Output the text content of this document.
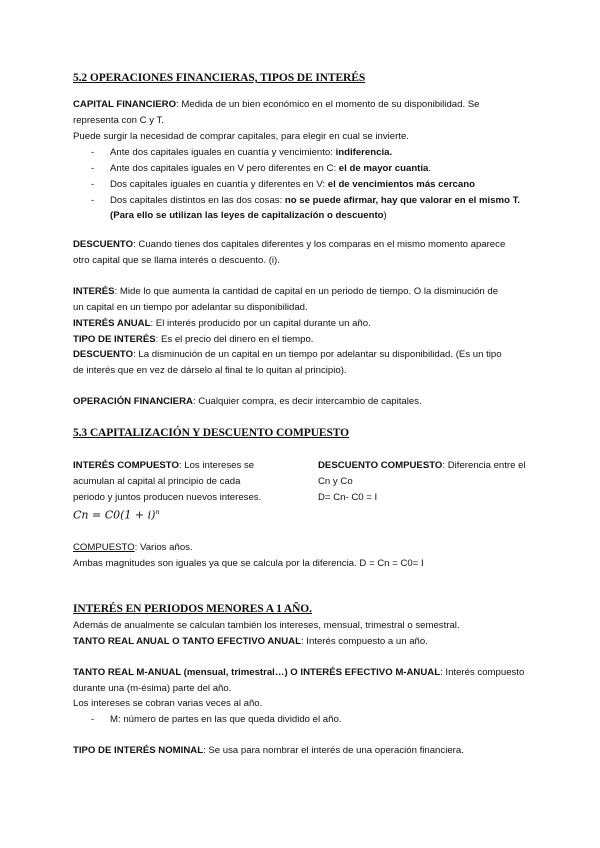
5.2 OPERACIONES FINANCIERAS, TIPOS DE INTERÉS
CAPITAL FINANCIERO: Medida de un bien económico en el momento de su disponibilidad. Se
representa con C y T.
Puede surgir la necesidad de comprar capitales, para elegir en cual se invierte.
- Ante dos capitales iguales en cuantía y vencimiento: indiferencia.
- Ante dos capitales iguales en V pero diferentes en C: el de mayor cuantía.
- Dos capitales iguales en cuantía y diferentes en V: el de vencimientos más cercano
- Dos capitales distintos en las dos cosas: no se puede afirmar, hay que valorar en el mismo T.
(Para ello se utilizan las leyes de capitalización o descuento)
DESCUENTO: Cuando tienes dos capitales diferentes y los comparas en el mismo momento aparece
otro capital que se llama interés o descuento. (i).
INTERÉS: Mide lo que aumenta la cantidad de capital en un periodo de tiempo. O la disminución de
un capital en un tiempo por adelantar su disponibilidad.
INTERÉS ANUAL: El interés producido por un capital durante un año.
TIPO DE INTERÉS: Es el precio del dinero en el tiempo.
DESCUENTO: La disminución de un capital en un tiempo por adelantar su disponibilidad. (Es un tipo
de interés que en vez de dárselo al final te lo quitan al principio).
OPERACIÓN FINANCIERA: Cualquier compra, es decir intercambio de capitales.
5.3 CAPITALIZACIÓN Y DESCUENTO COMPUESTO
INTERÉS COMPUESTO: Los intereses se
acumulan al capital al principio de cada
periodo y juntos producen nuevos intereses.
$Cn = C0(1 + i)^n$
DESCUENTO COMPUESTO: Diferencia entre el
Cn y Co
D= Cn- C0 = I
COMPUESTO: Varios años.
Ambas magnitudes son iguales ya que se calcula por la diferencia. D = Cn = C0= I
INTERÉS EN PERIODOS MENORES A 1 AÑO.
Además de anualmente se calculan también los intereses, mensual, trimestral o semestral.
TANTO REAL ANUAL O TANTO EFECTIVO ANUAL: Interés compuesto a un año.
TANTO REAL M-ANUAL (mensual, trimestral…) O INTERÉS EFECTIVO M-ANUAL: Interés compuesto
durante una (m-ésima) parte del año.
Los intereses se cobran varias veces al año.
- M: número de partes en las que queda dividido el año.
TIPO DE INTERÉS NOMINAL: Se usa para nombrar el interés de una operación financiera.
